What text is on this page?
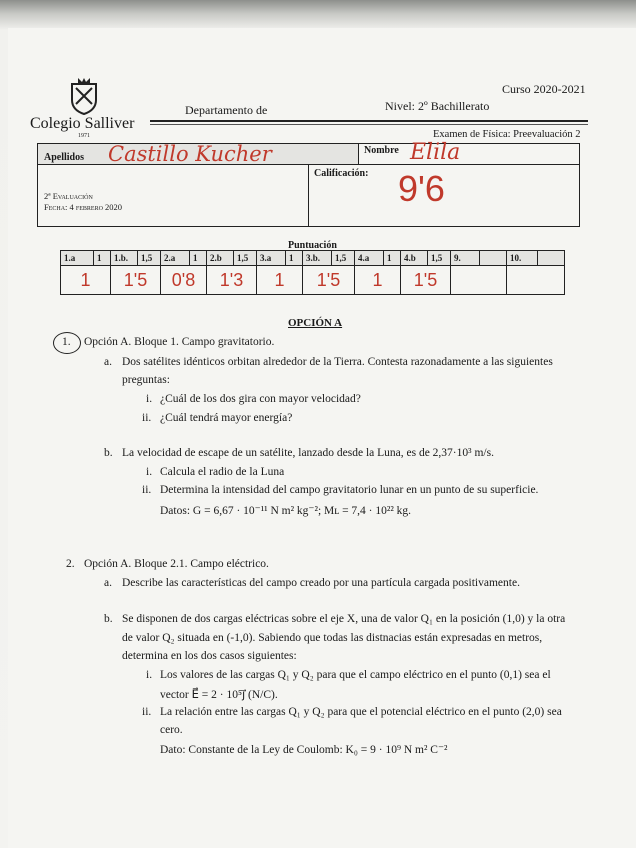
Colegio Salliver
1971
Departamento de	Nivel: 2º Bachillerato
Curso 2020-2021
Examen de Física: Preevaluación 2
Apellidos Castillo Kucher	Nombre Elila
Calificación: 9'6
2ª Evaluación
Fecha: 4 febrero 2020
Puntuación
1.a	1	1.b.	1,5	2.a	1	2.b	1,5	3.a	1	3.b.	1,5	4.a	1	4.b	1,5	9.		10.	
1		1'5		0'8		1'3		1		1'5		1		1'5					
OPCIÓN A
1. Opción A. Bloque 1. Campo gravitatorio.
a. Dos satélites idénticos orbitan alrededor de la Tierra. Contesta razonadamente a las siguientes
preguntas:
i. ¿Cuál de los dos gira con mayor velocidad?
ii. ¿Cuál tendrá mayor energía?
b. La velocidad de escape de un satélite, lanzado desde la Luna, es de 2,37·10³ m/s.
i. Calcula el radio de la Luna
ii. Determina la intensidad del campo gravitatorio lunar en un punto de su superficie.
Datos: G = 6,67 · 10⁻¹¹ N m² kg⁻²; Mʟ = 7,4 · 10²² kg.
2. Opción A. Bloque 2.1. Campo eléctrico.
a. Describe las características del campo creado por una partícula cargada positivamente.
b. Se disponen de dos cargas eléctricas sobre el eje X, una de valor Q₁ en la posición (1,0) y la otra
de valor Q₂ situada en (-1,0). Sabiendo que todas las distnacias están expresadas en metros,
determina en los dos casos siguientes:
i. Los valores de las cargas Q₁ y Q₂ para que el campo eléctrico en el punto (0,1) sea el
vector E⃗ = 2 · 10⁵ȷ⃗ (N/C).
ii. La relación entre las cargas Q₁ y Q₂ para que el potencial eléctrico en el punto (2,0) sea
cero.
Dato: Constante de la Ley de Coulomb: K₀ = 9 · 10⁹ N m² C⁻²
